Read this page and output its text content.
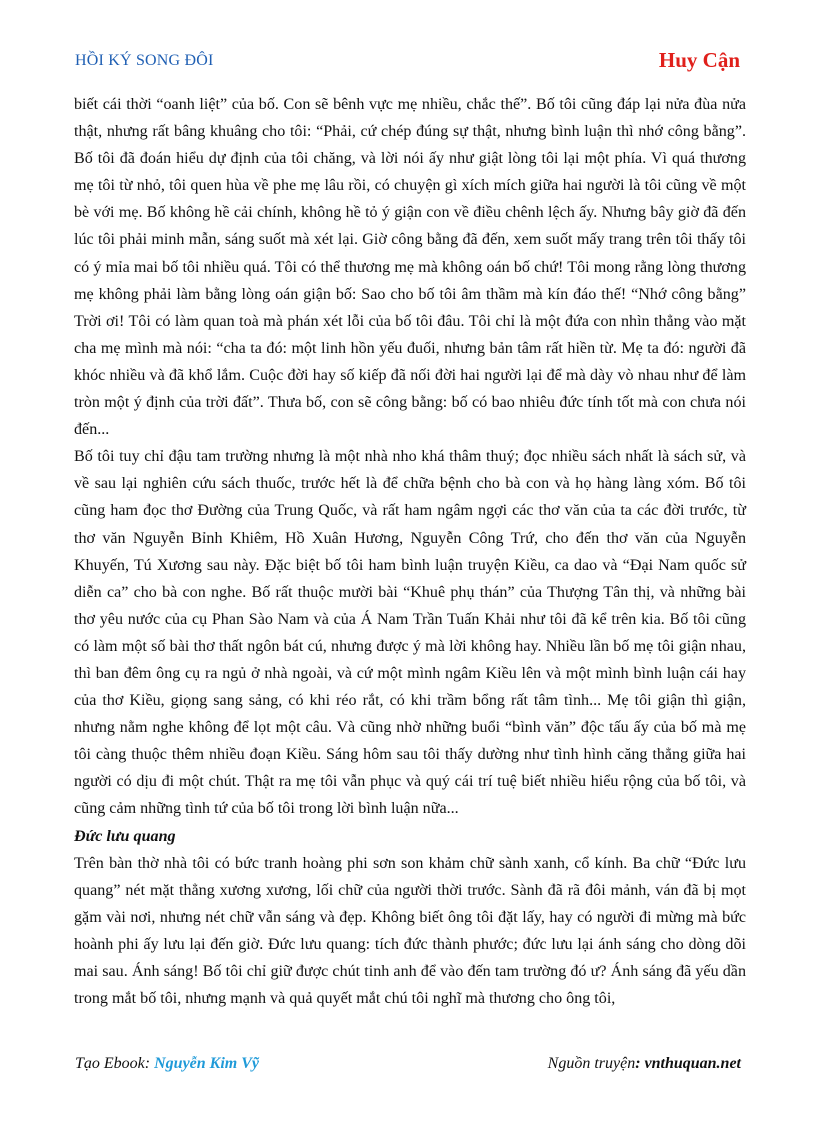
HỒI KÝ SONG ĐÔI	Huy Cận

biết cái thời “oanh liệt” của bố. Con sẽ bênh vực mẹ nhiều, chắc thế”. Bố tôi cũng đáp lại nửa đùa nửa thật, nhưng rất bâng khuâng cho tôi: “Phải, cứ chép đúng sự thật, nhưng bình luận thì nhớ công bằng”. Bố tôi đã đoán hiểu dự định của tôi chăng, và lời nói ấy như giật lòng tôi lại một phía. Vì quá thương mẹ tôi từ nhỏ, tôi quen hùa về phe mẹ lâu rồi, có chuyện gì xích mích giữa hai người là tôi cũng về một bè với mẹ. Bố không hề cải chính, không hề tỏ ý giận con về điều chênh lệch ấy. Nhưng bây giờ đã đến lúc tôi phải minh mẫn, sáng suốt mà xét lại. Giờ công bằng đã đến, xem suốt mấy trang trên tôi thấy tôi có ý mỉa mai bố tôi nhiều quá. Tôi có thể thương mẹ mà không oán bố chứ! Tôi mong rằng lòng thương mẹ không phải làm bằng lòng oán giận bố: Sao cho bố tôi âm thầm mà kín đáo thế! “Nhớ công bằng” Trời ơi! Tôi có làm quan toà mà phán xét lỗi của bố tôi đâu. Tôi chỉ là một đứa con nhìn thẳng vào mặt cha mẹ mình mà nói: “cha ta đó: một linh hồn yếu đuối, nhưng bản tâm rất hiền từ. Mẹ ta đó: người đã khóc nhiều và đã khổ lắm. Cuộc đời hay số kiếp đã nối đời hai người lại để mà dày vò nhau như để làm tròn một ý định của trời đất”. Thưa bố, con sẽ công bằng: bố có bao nhiêu đức tính tốt mà con chưa nói đến...

Bố tôi tuy chỉ đậu tam trường nhưng là một nhà nho khá thâm thuý; đọc nhiều sách nhất là sách sử, và về sau lại nghiên cứu sách thuốc, trước hết là để chữa bệnh cho bà con và họ hàng làng xóm. Bố tôi cũng ham đọc thơ Đường của Trung Quốc, và rất ham ngâm ngợi các thơ văn của ta các đời trước, từ thơ văn Nguyễn Bỉnh Khiêm, Hồ Xuân Hương, Nguyễn Công Trứ, cho đến thơ văn của Nguyễn Khuyến, Tú Xương sau này. Đặc biệt bố tôi ham bình luận truyện Kiều, ca dao và “Đại Nam quốc sử diễn ca” cho bà con nghe. Bố rất thuộc mười bài “Khuê phụ thán” của Thượng Tân thị, và những bài thơ yêu nước của cụ Phan Sào Nam và của Á Nam Trần Tuấn Khải như tôi đã kể trên kia. Bố tôi cũng có làm một số bài thơ thất ngôn bát cú, nhưng được ý mà lời không hay. Nhiều lần bố mẹ tôi giận nhau, thì ban đêm ông cụ ra ngủ ở nhà ngoài, và cứ một mình ngâm Kiều lên và một mình bình luận cái hay của thơ Kiều, giọng sang sảng, có khi réo rắt, có khi trầm bổng rất tâm tình... Mẹ tôi giận thì giận, nhưng nằm nghe không để lọt một câu. Và cũng nhờ những buổi “bình văn” độc tấu ấy của bố mà mẹ tôi càng thuộc thêm nhiều đoạn Kiều. Sáng hôm sau tôi thấy dường như tình hình căng thẳng giữa hai người có dịu đi một chút. Thật ra mẹ tôi vẫn phục và quý cái trí tuệ biết nhiều hiểu rộng của bố tôi, và cũng cảm những tình tứ của bố tôi trong lời bình luận nữa...

Đức lưu quang

Trên bàn thờ nhà tôi có bức tranh hoàng phi sơn son khảm chữ sành xanh, cổ kính. Ba chữ “Đức lưu quang” nét mặt thẳng xương xương, lối chữ của người thời trước. Sành đã rã đôi mảnh, ván đã bị mọt gặm vài nơi, nhưng nét chữ vẫn sáng và đẹp. Không biết ông tôi đặt lấy, hay có người đi mừng mà bức hoành phi ấy lưu lại đến giờ. Đức lưu quang: tích đức thành phước; đức lưu lại ánh sáng cho dòng dõi mai sau. Ánh sáng! Bố tôi chỉ giữ được chút tinh anh để vào đến tam trường đó ư? Ánh sáng đã yếu dần trong mắt bố tôi, nhưng mạnh và quả quyết mắt chú tôi nghĩ mà thương cho ông tôi,

Tạo Ebook: Nguyễn Kim Vỹ	Nguồn truyện: vnthuquan.net
